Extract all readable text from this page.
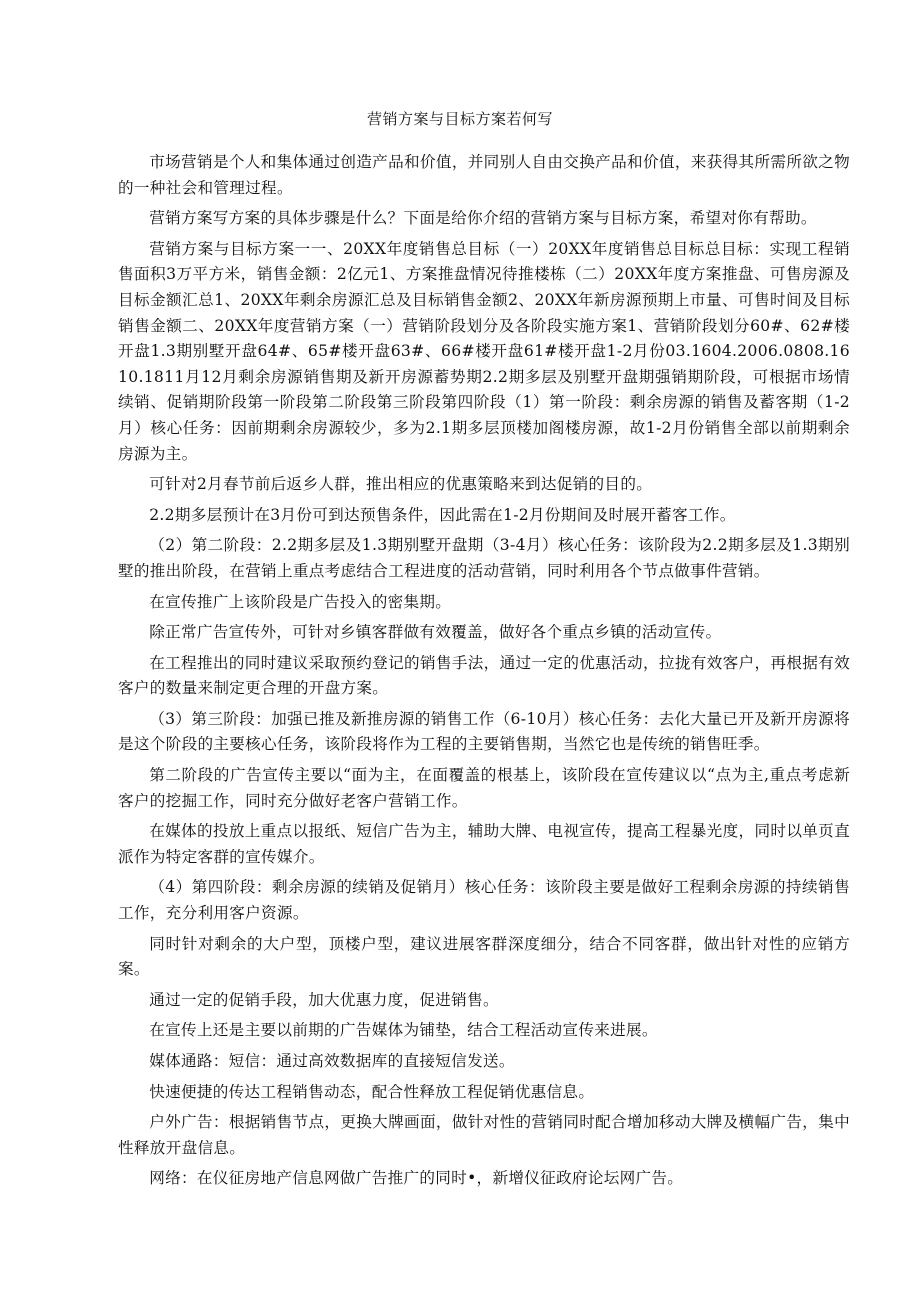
营销方案与目标方案若何写

市场营销是个人和集体通过创造产品和价值，并同别人自由交换产品和价值，来获得其所需所欲之物的一种社会和管理过程。

营销方案写方案的具体步骤是什么？下面是给你介绍的营销方案与目标方案，希望对你有帮助。

营销方案与目标方案一一、20XX年度销售总目标（一）20XX年度销售总目标总目标：实现工程销售面积3万平方米，销售金额：2亿元1、方案推盘情况待推楼栋（二）20XX年度方案推盘、可售房源及目标金额汇总1、20XX年剩余房源汇总及目标销售金额2、20XX年新房源预期上市量、可售时间及目标销售金额二、20XX年度营销方案（一）营销阶段划分及各阶段实施方案1、营销阶段划分60#、62#楼开盘1.3期别墅开盘64#、65#楼开盘63#、66#楼开盘61#楼开盘1-2月份03.1604.2006.0808.1610.1811月12月剩余房源销售期及新开房源蓄势期2.2期多层及别墅开盘期强销期阶段，可根据市场情续销、促销期阶段第一阶段第二阶段第三阶段第四阶段（1）第一阶段：剩余房源的销售及蓄客期（1-2月）核心任务：因前期剩余房源较少，多为2.1期多层顶楼加阁楼房源，故1-2月份销售全部以前期剩余房源为主。

可针对2月春节前后返乡人群，推出相应的优惠策略来到达促销的目的。

2.2期多层预计在3月份可到达预售条件，因此需在1-2月份期间及时展开蓄客工作。

（2）第二阶段：2.2期多层及1.3期别墅开盘期（3-4月）核心任务：该阶段为2.2期多层及1.3期别墅的推出阶段，在营销上重点考虑结合工程进度的活动营销，同时利用各个节点做事件营销。

在宣传推广上该阶段是广告投入的密集期。

除正常广告宣传外，可针对乡镇客群做有效覆盖，做好各个重点乡镇的活动宣传。

在工程推出的同时建议采取预约登记的销售手法，通过一定的优惠活动，拉拢有效客户，再根据有效客户的数量来制定更合理的开盘方案。

（3）第三阶段：加强已推及新推房源的销售工作（6-10月）核心任务：去化大量已开及新开房源将是这个阶段的主要核心任务，该阶段将作为工程的主要销售期，当然它也是传统的销售旺季。

第二阶段的广告宣传主要以“面为主，在面覆盖的根基上，该阶段在宣传建议以“点为主,重点考虑新客户的挖掘工作，同时充分做好老客户营销工作。

在媒体的投放上重点以报纸、短信广告为主，辅助大牌、电视宣传，提高工程暴光度，同时以单页直派作为特定客群的宣传媒介。

（4）第四阶段：剩余房源的续销及促销月）核心任务：该阶段主要是做好工程剩余房源的持续销售工作，充分利用客户资源。

同时针对剩余的大户型，顶楼户型，建议进展客群深度细分，结合不同客群，做出针对性的应销方案。

通过一定的促销手段，加大优惠力度，促进销售。

在宣传上还是主要以前期的广告媒体为铺垫，结合工程活动宣传来进展。

媒体通路：短信：通过高效数据库的直接短信发送。

快速便捷的传达工程销售动态，配合性释放工程促销优惠信息。

户外广告：根据销售节点，更换大牌画面，做针对性的营销同时配合增加移动大牌及横幅广告，集中性释放开盘信息。

网络：在仪征房地产信息网做广告推广的同时•，新增仪征政府论坛网广告。
